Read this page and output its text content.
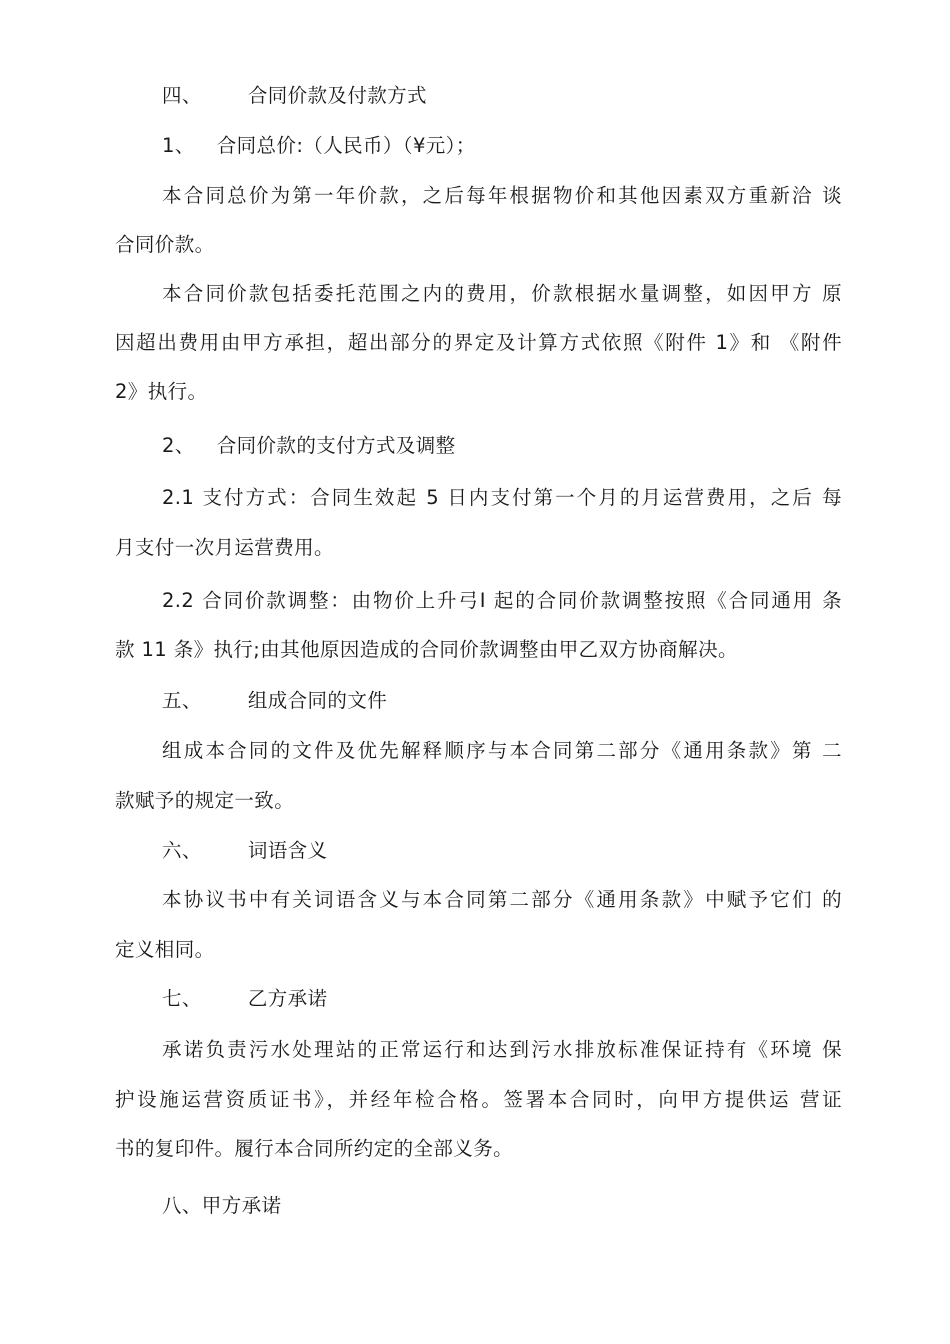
四、 合同价款及付款方式
1、 合同总价:（人民币）（¥元）；
本合同总价为第一年价款，之后每年根据物价和其他因素双方重新洽 谈
合同价款。
本合同价款包括委托范围之内的费用，价款根据水量调整，如因甲方 原
因超出费用由甲方承担，超出部分的界定及计算方式依照《附件 1》和 《附件
2》执行。
2、 合同价款的支付方式及调整
2.1 支付方式：合同生效起 5 日内支付第一个月的月运营费用，之后 每
月支付一次月运营费用。
2.2 合同价款调整：由物价上升弓I 起的合同价款调整按照《合同通用 条
款 11 条》执行;由其他原因造成的合同价款调整由甲乙双方协商解决。
五、 组成合同的文件
组成本合同的文件及优先解释顺序与本合同第二部分《通用条款》第 二
款赋予的规定一致。
六、 词语含义
本协议书中有关词语含义与本合同第二部分《通用条款》中赋予它们 的
定义相同。
七、 乙方承诺
承诺负责污水处理站的正常运行和达到污水排放标准保证持有《环境 保
护设施运营资质证书》，并经年检合格。签署本合同时，向甲方提供运 营证
书的复印件。履行本合同所约定的全部义务。
八、甲方承诺
